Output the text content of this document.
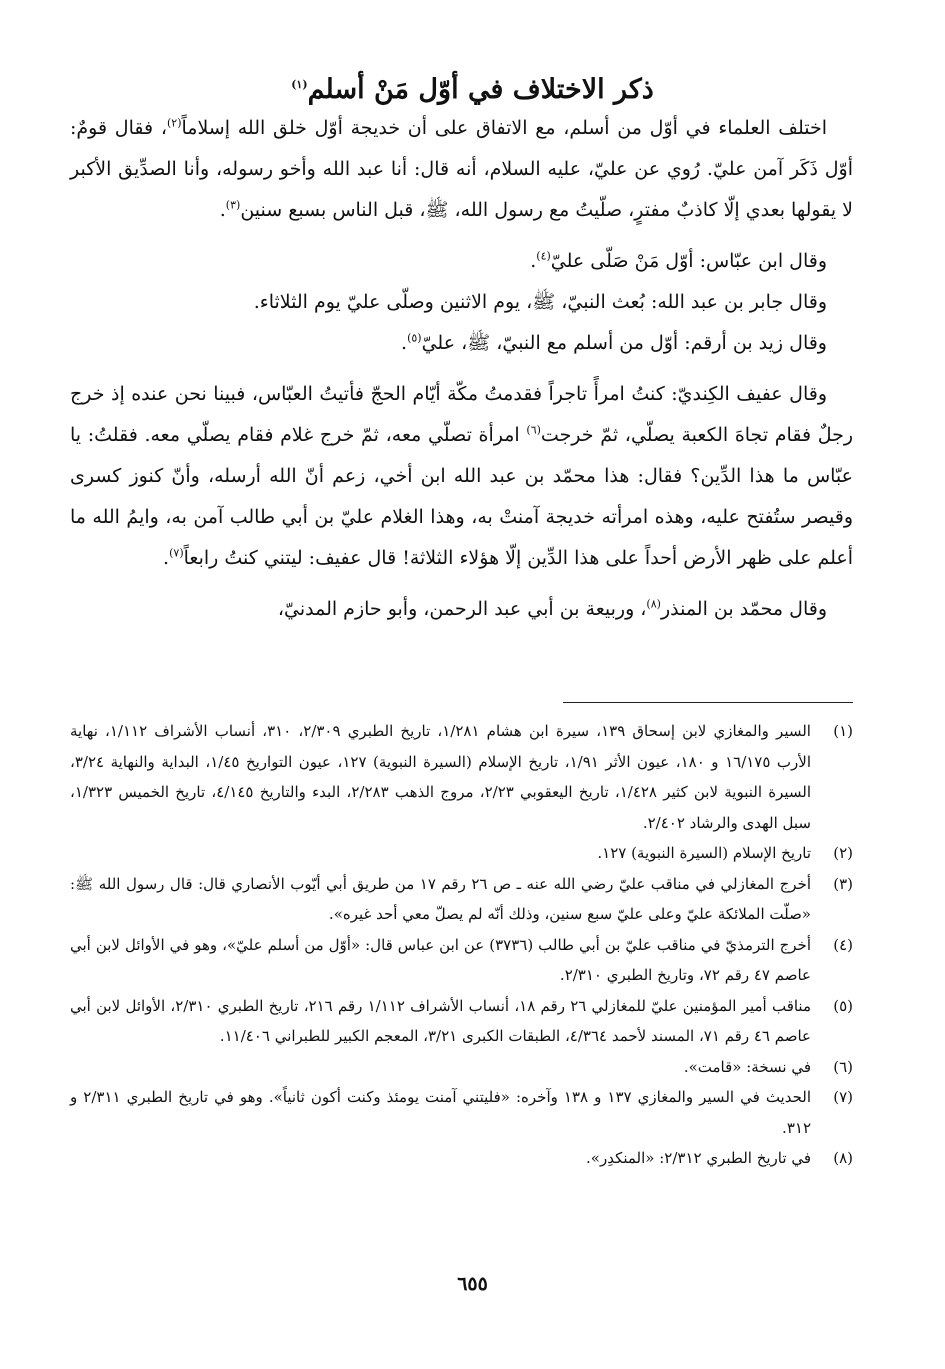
ذكر الاختلاف في أوّل مَنْ أسلم$^{(١)}$

اختلف العلماء في أوّل من أسلم، مع الاتفاق على أن خديجة أوّل خلق الله إسلاماً$^{(٢)}$، فقال قومٌ: أوّل ذَكَر آمن عليّ. رُوي عن عليّ، عليه السلام، أنه قال: أنا عبد الله وأخو رسوله، وأنا الصدِّيق الأكبر لا يقولها بعدي إلّا كاذبٌ مفترٍ، صلّيتُ مع رسول الله، ﷺ، قبل الناس بسبع سنين$^{(٣)}$.

وقال ابن عبّاس: أوّل مَنْ صَلّى عليّ$^{(٤)}$.

وقال جابر بن عبد الله: بُعث النبيّ، ﷺ، يوم الاثنين وصلّى عليّ يوم الثلاثاء.

وقال زيد بن أرقم: أوّل من أسلم مع النبيّ، ﷺ، عليّ$^{(٥)}$.

وقال عفيف الكِنديّ: كنتُ امرأً تاجراً فقدمتُ مكّة أيّام الحجّ فأتيتُ العبّاس، فبينا نحن عنده إذ خرج رجلٌ فقام تجاهَ الكعبة يصلّي، ثمّ خرجت$^{(٦)}$ امرأة تصلّي معه، ثمّ خرج غلام فقام يصلّي معه. فقلتُ: يا عبّاس ما هذا الدِّين؟ فقال: هذا محمّد بن عبد الله ابن أخي، زعم أنّ الله أرسله، وأنّ كنوز كسرى وقيصر ستُفتح عليه، وهذه امرأته خديجة آمنتْ به، وهذا الغلام عليّ بن أبي طالب آمن به، وايمُ الله ما أعلم على ظهر الأرض أحداً على هذا الدِّين إلّا هؤلاء الثلاثة! قال عفيف: ليتني كنتُ رابعاً$^{(٧)}$.

وقال محمّد بن المنذر$^{(٨)}$، وربيعة بن أبي عبد الرحمن، وأبو حازم المدنيّ،

(١)
السير والمغازي لابن إسحاق ١٣٩، سيرة ابن هشام ١/٢٨١، تاريخ الطبري ٢/٣٠٩، ٣١٠، أنساب الأشراف ١/١١٢، نهاية الأرب ١٦/١٧٥ و ١٨٠، عيون الأثر ١/٩١، تاريخ الإسلام (السيرة النبوية) ١٢٧، عيون التواريخ ١/٤٥، البداية والنهاية ٣/٢٤، السيرة النبوية لابن كثير ١/٤٢٨، تاريخ اليعقوبي ٢/٢٣، مروج الذهب ٢/٢٨٣، البدء والتاريخ ٤/١٤٥، تاريخ الخميس ١/٣٢٣، سبل الهدى والرشاد ٢/٤٠٢.
(٢)
تاريخ الإسلام (السيرة النبوية) ١٢٧.
(٣)
أخرج المغازلي في مناقب عليّ رضي الله عنه ـ ص ٢٦ رقم ١٧ من طريق أبي أيّوب الأنصاري قال: قال رسول الله ﷺ: «صلّت الملائكة عليّ وعلى عليّ سبع سنين، وذلك أنّه لم يصلّ معي أحد غيره».
(٤)
أخرج الترمذيّ في مناقب عليّ بن أبي طالب (٣٧٣٦) عن ابن عباس قال: «أوّل من أسلم عليّ»، وهو في الأوائل لابن أبي عاصم ٤٧ رقم ٧٢، وتاريخ الطبري ٢/٣١٠.
(٥)
مناقب أمير المؤمنين عليّ للمغازلي ٢٦ رقم ١٨، أنساب الأشراف ١/١١٢ رقم ٢١٦، تاريخ الطبري ٢/٣١٠، الأوائل لابن أبي عاصم ٤٦ رقم ٧١، المسند لأحمد ٤/٣٦٤، الطبقات الكبرى ٣/٢١، المعجم الكبير للطبراني ١١/٤٠٦.
(٦)
في نسخة: «قامت».
(٧)
الحديث في السير والمغازي ١٣٧ و ١٣٨ وآخره: «فليتني آمنت يومئذ وكنت أكون ثانياً». وهو في تاريخ الطبري ٢/٣١١ و ٣١٢.
(٨)
في تاريخ الطبري ٢/٣١٢: «المنكدِر».
٦٥٥
